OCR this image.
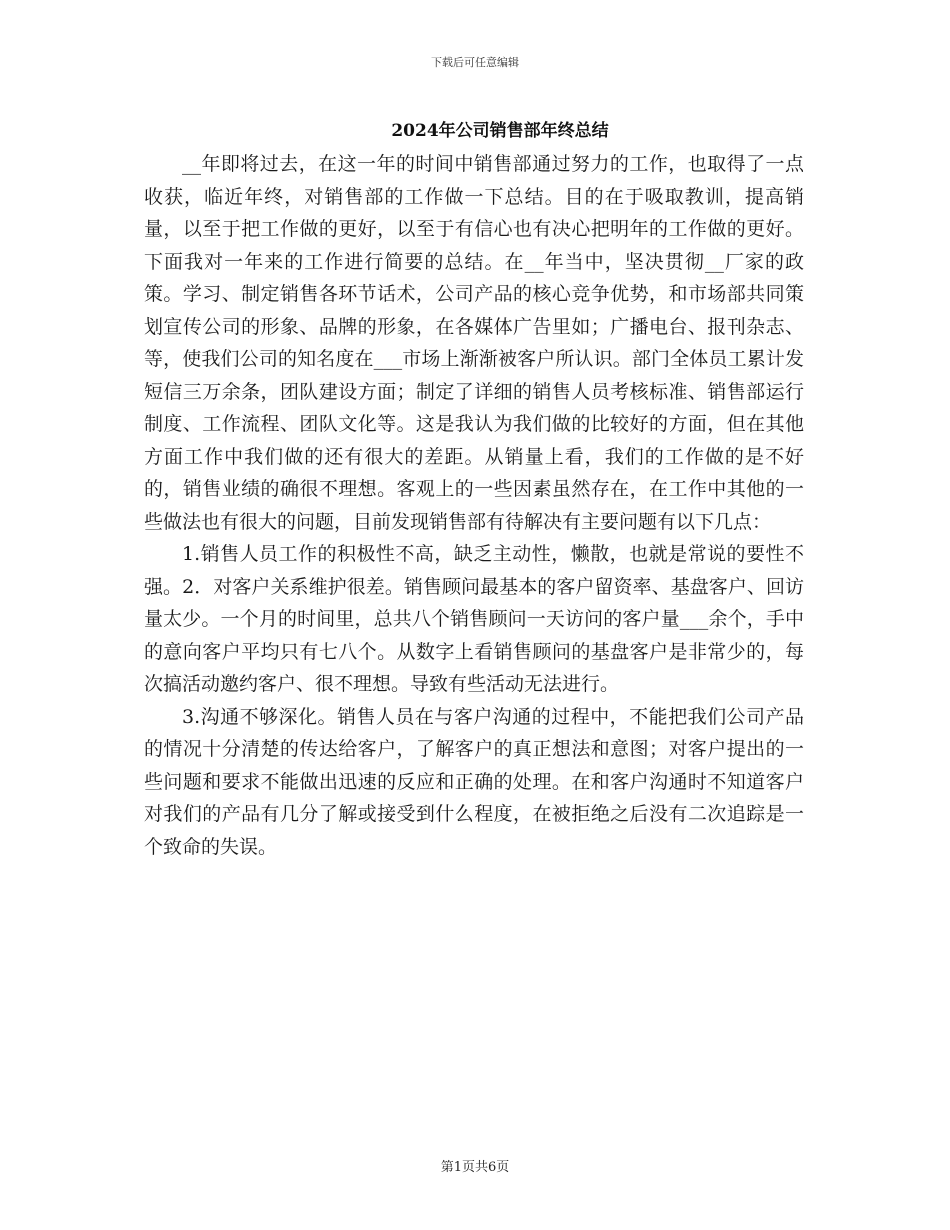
下载后可任意编辑
2024年公司销售部年终总结

__年即将过去，在这一年的时间中销售部通过努力的工作，也取得了一点收获，临近年终，对销售部的工作做一下总结。目的在于吸取教训，提高销量，以至于把工作做的更好，以至于有信心也有决心把明年的工作做的更好。下面我对一年来的工作进行简要的总结。在__年当中，坚决贯彻__厂家的政策。学习、制定销售各环节话术，公司产品的核心竞争优势，和市场部共同策划宣传公司的形象、品牌的形象，在各媒体广告里如；广播电台、报刊杂志、等，使我们公司的知名度在___市场上渐渐被客户所认识。部门全体员工累计发短信三万余条，团队建设方面；制定了详细的销售人员考核标准、销售部运行制度、工作流程、团队文化等。这是我认为我们做的比较好的方面，但在其他方面工作中我们做的还有很大的差距。从销量上看，我们的工作做的是不好的，销售业绩的确很不理想。客观上的一些因素虽然存在，在工作中其他的一些做法也有很大的问题，目前发现销售部有待解决有主要问题有以下几点：

1.销售人员工作的积极性不高，缺乏主动性，懒散，也就是常说的要性不强。2．对客户关系维护很差。销售顾问最基本的客户留资率、基盘客户、回访量太少。一个月的时间里，总共八个销售顾问一天访问的客户量___余个，手中的意向客户平均只有七八个。从数字上看销售顾问的基盘客户是非常少的，每次搞活动邀约客户、很不理想。导致有些活动无法进行。

3.沟通不够深化。销售人员在与客户沟通的过程中，不能把我们公司产品的情况十分清楚的传达给客户，了解客户的真正想法和意图；对客户提出的一些问题和要求不能做出迅速的反应和正确的处理。在和客户沟通时不知道客户对我们的产品有几分了解或接受到什么程度，在被拒绝之后没有二次追踪是一个致命的失误。

第1页共6页
